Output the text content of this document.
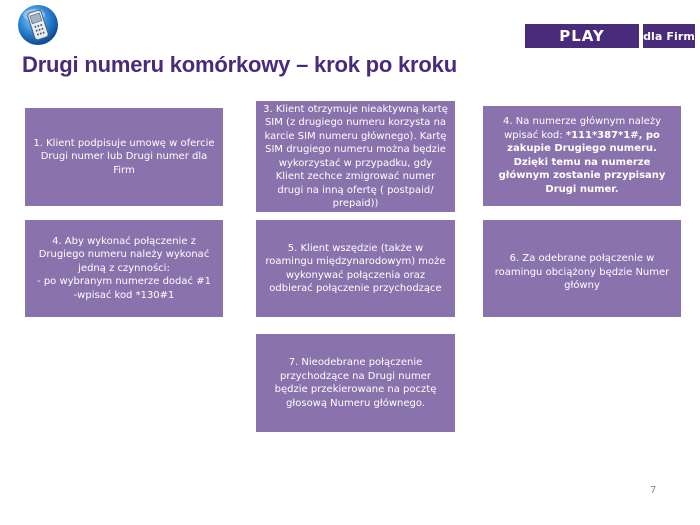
PLAY	dla Firm
Drugi numeru komórkowy – krok po kroku
1. Klient podpisuje umowę w ofercie Drugi numer lub Drugi numer dla Firm
3. Klient otrzymuje nieaktywną kartę SIM (z drugiego numeru korzysta na karcie SIM numeru głównego). Kartę SIM drugiego numeru można będzie wykorzystać w przypadku, gdy Klient zechce zmigrować numer drugi na inną ofertę ( postpaid/ prepaid))
4. Na numerze głównym należy wpisać kod: *111*387*1#, po zakupie Drugiego numeru. Dzięki temu na numerze głównym zostanie przypisany Drugi numer.
4. Aby wykonać połączenie z Drugiego numeru należy wykonać jedną z czynności:
- po wybranym numerze dodać #1
-wpisać kod *130#1
5. Klient wszędzie (także w roamingu międzynarodowym) może wykonywać połączenia oraz
odbierać połączenie przychodzące
6. Za odebrane połączenie w roamingu obciążony będzie Numer główny
7. Nieodebrane połączenie przychodzące na Drugi numer będzie przekierowane na pocztę głosową Numeru głównego.
7
